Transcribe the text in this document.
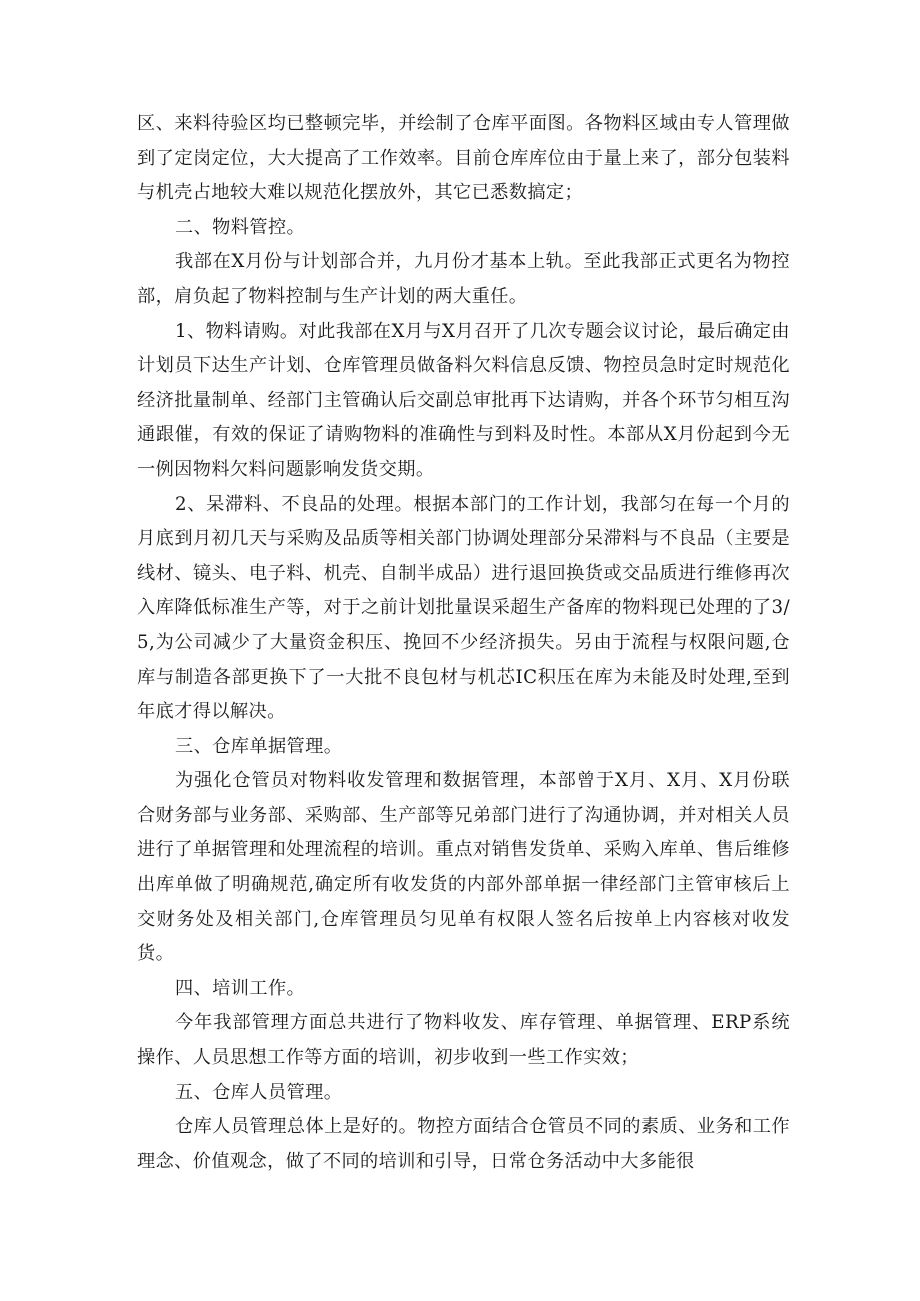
区、来料待验区均已整顿完毕，并绘制了仓库平面图。各物料区域由专人管理做到了定岗定位，大大提高了工作效率。目前仓库库位由于量上来了，部分包装料与机壳占地较大难以规范化摆放外，其它已悉数搞定；

二、物料管控。

我部在X月份与计划部合并，九月份才基本上轨。至此我部正式更名为物控部，肩负起了物料控制与生产计划的两大重任。

1、物料请购。对此我部在X月与X月召开了几次专题会议讨论，最后确定由计划员下达生产计划、仓库管理员做备料欠料信息反馈、物控员急时定时规范化经济批量制单、经部门主管确认后交副总审批再下达请购，并各个环节匀相互沟通跟催，有效的保证了请购物料的准确性与到料及时性。本部从X月份起到今无一例因物料欠料问题影响发货交期。

2、呆滞料、不良品的处理。根据本部门的工作计划，我部匀在每一个月的月底到月初几天与采购及品质等相关部门协调处理部分呆滞料与不良品（主要是线材、镜头、电子料、机壳、自制半成品）进行退回换货或交品质进行维修再次入库降低标准生产等，对于之前计划批量误采超生产备库的物料现已处理的了3/5,为公司减少了大量资金积压、挽回不少经济损失。另由于流程与权限问题,仓库与制造各部更换下了一大批不良包材与机芯IC积压在库为未能及时处理,至到年底才得以解决。

三、仓库单据管理。

为强化仓管员对物料收发管理和数据管理，本部曾于X月、X月、X月份联合财务部与业务部、采购部、生产部等兄弟部门进行了沟通协调，并对相关人员进行了单据管理和处理流程的培训。重点对销售发货单、采购入库单、售后维修出库单做了明确规范,确定所有收发货的内部外部单据一律经部门主管审核后上交财务处及相关部门,仓库管理员匀见单有权限人签名后按单上内容核对收发货。

四、培训工作。

今年我部管理方面总共进行了物料收发、库存管理、单据管理、ERP系统操作、人员思想工作等方面的培训，初步收到一些工作实效；

五、仓库人员管理。

仓库人员管理总体上是好的。物控方面结合仓管员不同的素质、业务和工作理念、价值观念，做了不同的培训和引导，日常仓务活动中大多能很
